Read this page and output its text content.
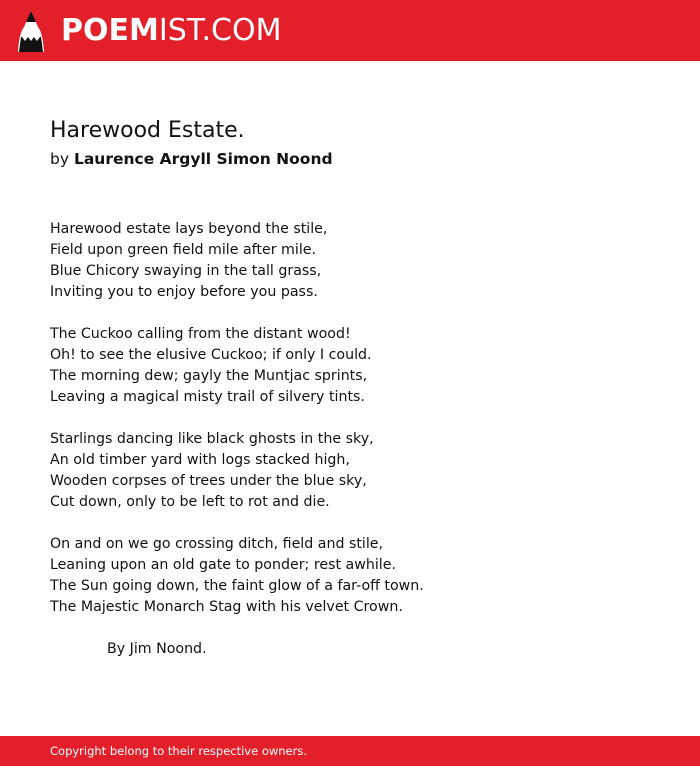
POEMIST.COM
Harewood Estate.
by Laurence Argyll Simon Noond
Harewood estate lays beyond the stile,
Field upon green field mile after mile.
Blue Chicory swaying in the tall grass,
Inviting you to enjoy before you pass.
The Cuckoo calling from the distant wood!
Oh! to see the elusive Cuckoo; if only I could.
The morning dew; gayly the Muntjac sprints,
Leaving a magical misty trail of silvery tints.
Starlings dancing like black ghosts in the sky,
An old timber yard with logs stacked high,
Wooden corpses of trees under the blue sky,
Cut down, only to be left to rot and die.
On and on we go crossing ditch, field and stile,
Leaning upon an old gate to ponder; rest awhile.
The Sun going down, the faint glow of a far-off town.
The Majestic Monarch Stag with his velvet Crown.
By Jim Noond.
Copyright belong to their respective owners.
